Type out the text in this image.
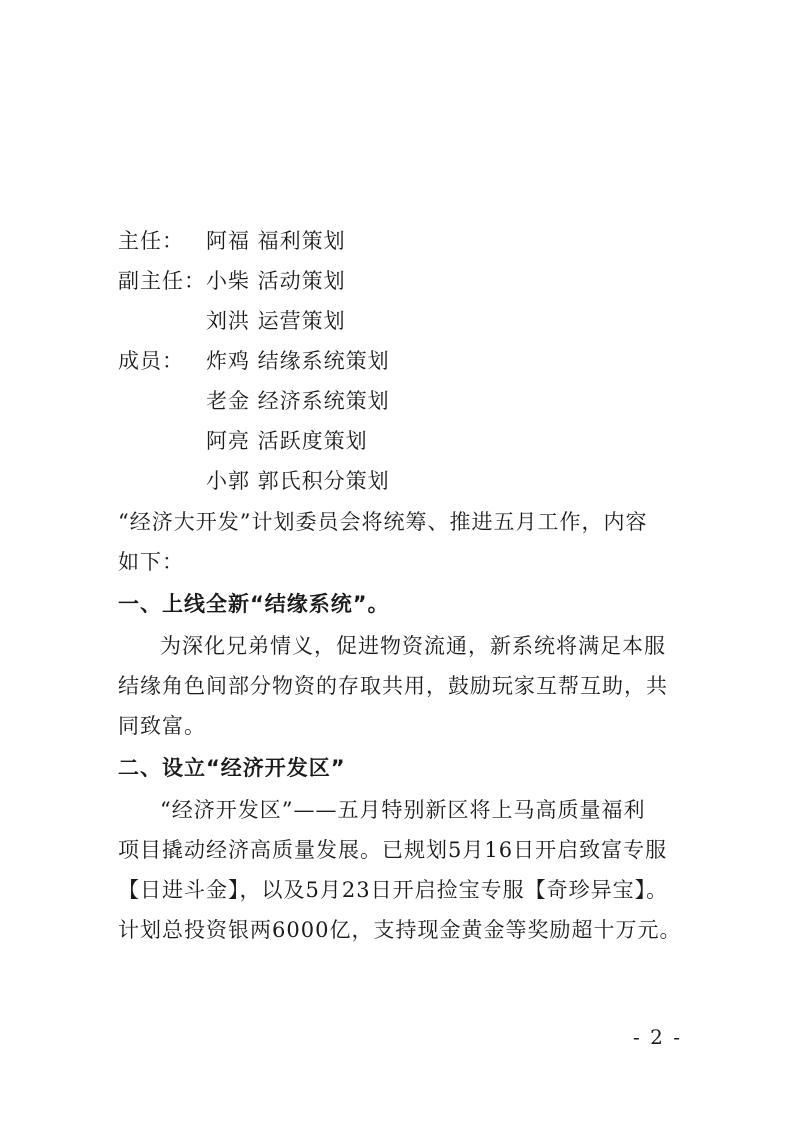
主任： 阿福 福利策划
副主任： 小柴 活动策划
刘洪 运营策划
成员： 炸鸡 结缘系统策划
老金 经济系统策划
阿亮 活跃度策划
小郭 郭氏积分策划
“经济大开发”计划委员会将统筹、推进五月工作，内容
如下：
一、上线全新“结缘系统”。
为深化兄弟情义，促进物资流通，新系统将满足本服
结缘角色间部分物资的存取共用，鼓励玩家互帮互助，共
同致富。
二、设立“经济开发区”
“经济开发区”——五月特别新区将上马高质量福利
项目撬动经济高质量发展。已规划5月16日开启致富专服
【日进斗金】，以及5月23日开启捡宝专服【奇珍异宝】。
计划总投资银两6000亿，支持现金黄金等奖励超十万元。
- 2 -
